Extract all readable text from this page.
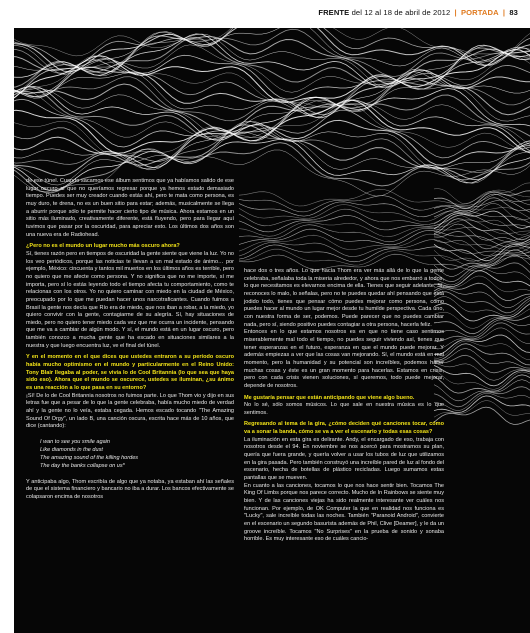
FRENTE del 12 al 18 de abril de 2012 | PORTADA | 83

de ese túnel. Cuando sacamos ese álbum sentimos que ya habíamos salido de ese lugar oscuro al que no queríamos regresar porque ya hemos estado demasiado tiempo. Puedes ser muy creador cuando estás ahí, pero te mata como persona, es muy duro, te drena, no es un buen sitio para estar; además, musicalmente se llega a aburrir porque sólo te permite hacer cierto tipo de música. Ahora estamos en un sitio más iluminado, creativamente diferente, está fluyendo, pero para llegar aquí tuvimos que pasar por la oscuridad, para apreciar esto. Los últimos dos años son una nueva era de Radiohead.

¿Pero no es el mundo un lugar mucho más oscuro ahora?

Sí, tienes razón pero en tiempos de oscuridad la gente siente que viene la luz. Yo no los veo periódicos, porque las noticias te llevan a un mal estado de ánimo… por ejemplo, México: cincuenta y tantos mil muertos en los últimos años es terrible, pero no quiero que me afecte como persona. Y no significa que no me importe, sí me importa, pero sí lo estás leyendo todo el tiempo afecta tu comportamiento, como te relacionas con los otros. Yo no quiero caminar con miedo en la ciudad de México, preocupado por lo que me puedan hacer unos narcotraficantes. Cuando fuimos a Brasil la gente nos decía que Río era de miedo, que nos iban a robar, a la miedo, yo quiero convivir con la gente, contagiarme de su alegría. Sí, hay situaciones de miedo, pero no quiero tener miedo cada vez que me ocurra un incidente, pensando que me va a cambiar de algún modo. Y sí, el mundo está en un lugar oscuro, pero también conozco a mucha gente que ha escado en situaciones similares a la nuestra y que luego encuentra luz, ve el final del túnel.

Y en el momento en el que dices que ustedes entraron a su período oscuro había mucho optimismo en el mundo y particularmente en el Reino Unido: Tony Blair llegaba al poder, se vivía lo de Cool Britannia (lo que sea que haya sido eso). Ahora que el mundo se oscurece, ustedes se iluminan, ¿su ánimo es una reacción a lo que pasa en su entorno?

¡Sí! De lo de Cool Britannia nosotros no fuimos parte. Lo que Thom vio y dijo en sus letras fue que a pesar de lo que la gente celebraba, había mucho miedo de verdad ahí y la gente no lo veía, estaba cegada. Hemos escado tocando "The Amazing Sound Of Orgy", un lado B, una canción oscura, escrita hace más de 10 años, que dice (cantando):

I wan to see you smile again
Like diamonds in the dust
The amazing sound of the killing hordes
The day the banks collapse on us*

Y anticipaba algo, Thom escribía de algo que ya notaba, ya estaban ahí las señales de que el sistema financiero y bancario no iba a durar. Los bancos efectivamente se colapsaron encima de nosotros

hace dos o tres años. Lo que hacía Thom era ver más allá de lo que la gente celebraba, señalaba toda la miseria alrededor, y ahora que nos embarró a todos, lo que necesitamos es elevarnos encima de ella. Tienes que seguir adelante. Sí, reconoces lo malo, lo señalas, pero no te puedes quedar ahí pensando que está jodido todo, tienes que pensar cómo puedes mejorar como persona, cómo puedes hacer al mundo un lugar mejor desde tu humilde perspectiva. Cada uno, con nuestra forma de ser, podemos. Puede parecer que no puedes cambiar nada, pero sí, siendo positivo puedes contagiar a otra persona, hacerla feliz.

Entonces en lo que estamos nosotros es en que no tiene caso sentirnos miserablemente mal todo el tiempo, no puedes seguir viviendo así, tienes que tener esperanzas en el futuro, esperanza en que el mundo puede mejorar. Y además empiezas a ver que las cosas van mejorando. Sí, el mundo está en mal momento, pero la humanidad y su potencial son increíbles, podemos hacer muchas cosas y éste es un gran momento para hacerlas. Estamos en crisis, pero con cada crisis vienen soluciones, sí queremos, todo puede mejorar, depende de nosotros.

Me gustaría pensar que están anticipando que viene algo bueno.

No lo sé, sólo somos músicos. Lo que sale en nuestra música es lo que sentimos.

Regresando al tema de la gira, ¿cómo deciden qué canciones tocar, cómo va a sonar la banda, cómo se va a ver el escenario y todas esas cosas?

La iluminación en esta gira es delirante. Andy, el encargado de eso, trabaja con nosotros desde el 94. En noviembre se nos acercó para mostrarnos su plan, quería que fuera grande, y quería volver a usar los tubos de luz que utilizamos en la gira pasada. Pero también construyó una increíble pared de luz al fondo del escenario, hecha de botellas de plástico recicladas. Luego sumamos estas pantallas que se mueven.

En cuanto a las canciones, tocamos lo que nos hace sentir bien. Tocamos The King Of Limbs porque nos parece correcto. Mucho de In Rainbows se siente muy bien. Y de las canciones viejas ha sido realmente interesante ver cuáles nos funcionan. Por ejemplo, de OK Computer la que en realidad nos funciona es "Lucky", sale increíble todas las noches. También "Paranoid Android", convierte en el escenario un segundo basurista además de Phil, Clive [Deamer], y le da un groove increíble. Tocamos "No Surprises" en la prueba de sonido y sonaba horrible. Es muy interesante eso de cuáles cancio-
